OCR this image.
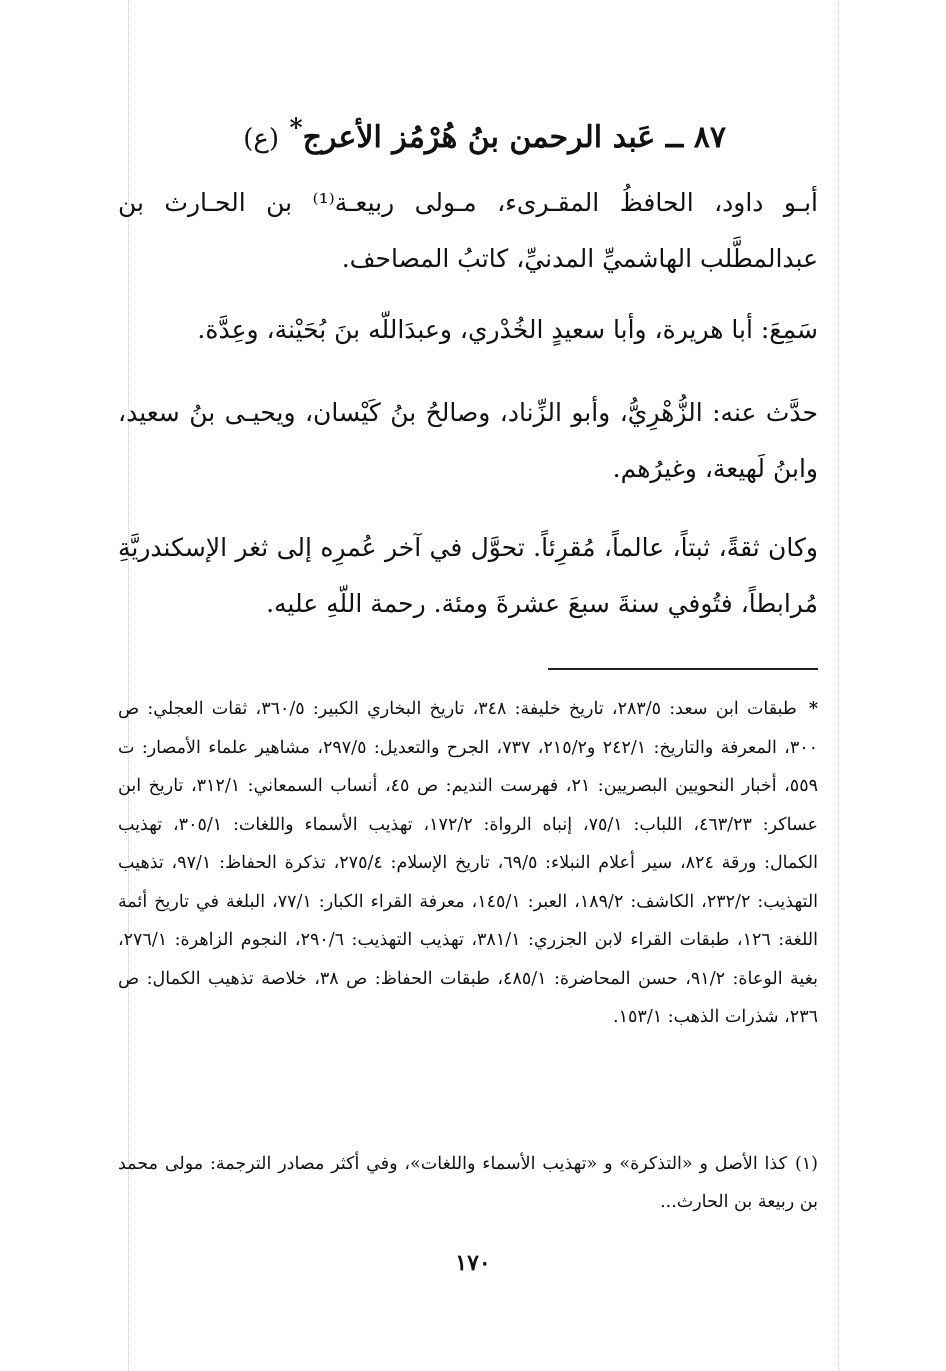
٨٧ ــ عَبد الرحمن بنُ هُرْمُز الأعرج* (ع)
أبـو داود، الحافظُ المقـرىء، مـولى ربيعـة⁽¹⁾ بن الحـارث بن عبدالمطَّلب الهاشميِّ المدنيِّ، كاتبُ المصاحف.
سَمِعَ: أبا هريرة، وأبا سعيدٍ الخُدْري، وعبدَاللّه بنَ بُحَيْنة، وعِدَّة.
حدَّث عنه: الزُّهْرِيُّ، وأبو الزِّناد، وصالحُ بنُ كَيْسان، ويحيـى بنُ سعيد، وابنُ لَهيعة، وغيرُهم.
وكان ثقةً، ثبتاً، عالماً، مُقرِئاً. تحوَّل في آخر عُمرِه إلى ثغر الإسكندريَّةِ مُرابطاً، فتُوفي سنةَ سبعَ عشرةَ ومئة. رحمة اللّهِ عليه.
*طبقات ابن سعد: ٢٨٣/٥، تاريخ خليفة: ٣٤٨، تاريخ البخاري الكبير: ٣٦٠/٥، ثقات العجلي: ص ٣٠٠، المعرفة والتاريخ: ٢٤٢/١ و٢١٥/٢، ٧٣٧، الجرح والتعديل: ٢٩٧/٥، مشاهير علماء الأمصار: ت ٥٥٩، أخبار النحويين البصريين: ٢١، فهرست النديم: ص ٤٥، أنساب السمعاني: ٣١٢/١، تاريخ ابن عساكر: ٤٦٣/٢٣، اللباب: ٧٥/١، إنباه الرواة: ١٧٢/٢، تهذيب الأسماء واللغات: ٣٠٥/١، تهذيب الكمال: ورقة ٨٢٤، سير أعلام النبلاء: ٦٩/٥، تاريخ الإسلام: ٢٧٥/٤، تذكرة الحفاظ: ٩٧/١، تذهيب التهذيب: ٢٣٢/٢، الكاشف: ١٨٩/٢، العبر: ١٤٥/١، معرفة القراء الكبار: ٧٧/١، البلغة في تاريخ أئمة اللغة: ١٢٦، طبقات القراء لابن الجزري: ٣٨١/١، تهذيب التهذيب: ٢٩٠/٦، النجوم الزاهرة: ٢٧٦/١، بغية الوعاة: ٩١/٢، حسن المحاضرة: ٤٨٥/١، طبقات الحفاظ: ص ٣٨، خلاصة تذهيب الكمال: ص ٢٣٦، شذرات الذهب: ١٥٣/١.
(١)كذا الأصل و «التذكرة» و «تهذيب الأسماء واللغات»، وفي أكثر مصادر الترجمة: مولى محمد بن ربيعة بن الحارث...
١٧٠
